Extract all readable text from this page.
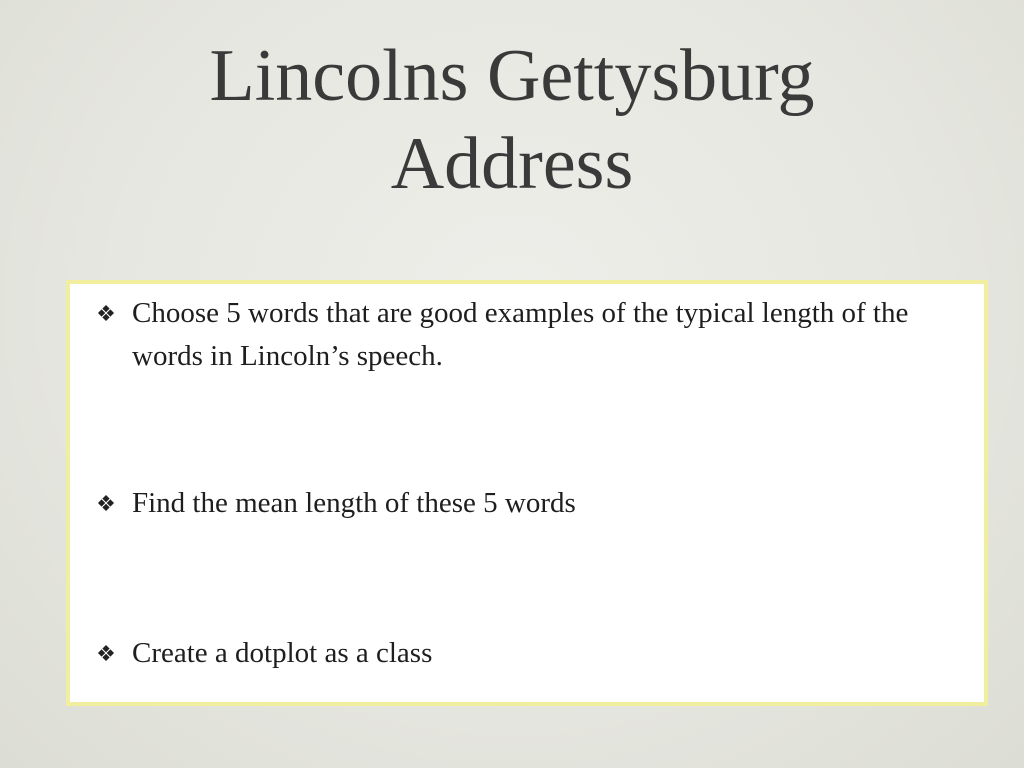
Lincolns Gettysburg
Address
❖ Choose 5 words that are good examples of the typical length of the words in Lincoln’s speech.
❖ Find the mean length of these 5 words
❖ Create a dotplot as a class
